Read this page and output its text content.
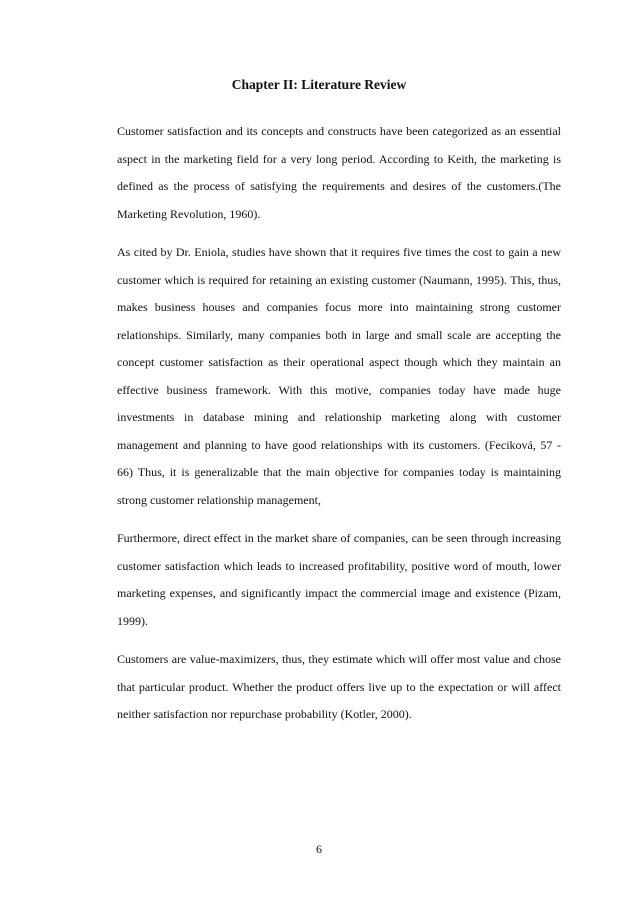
Chapter II: Literature Review

Customer satisfaction and its concepts and constructs have been categorized as an essential aspect in the marketing field for a very long period. According to Keith, the marketing is defined as the process of satisfying the requirements and desires of the customers.(The Marketing Revolution, 1960).

As cited by Dr. Eniola, studies have shown that it requires five times the cost to gain a new customer which is required for retaining an existing customer (Naumann, 1995). This, thus, makes business houses and companies focus more into maintaining strong customer relationships. Similarly, many companies both in large and small scale are accepting the concept customer satisfaction as their operational aspect though which they maintain an effective business framework. With this motive, companies today have made huge investments in database mining and relationship marketing along with customer management and planning to have good relationships with its customers. (Feciková, 57 - 66) Thus, it is generalizable that the main objective for companies today is maintaining strong customer relationship management,

Furthermore, direct effect in the market share of companies, can be seen through increasing customer satisfaction which leads to increased profitability, positive word of mouth, lower marketing expenses, and significantly impact the commercial image and existence (Pizam, 1999).

Customers are value-maximizers, thus, they estimate which will offer most value and chose that particular product. Whether the product offers live up to the expectation or will affect neither satisfaction nor repurchase probability (Kotler, 2000).

6
